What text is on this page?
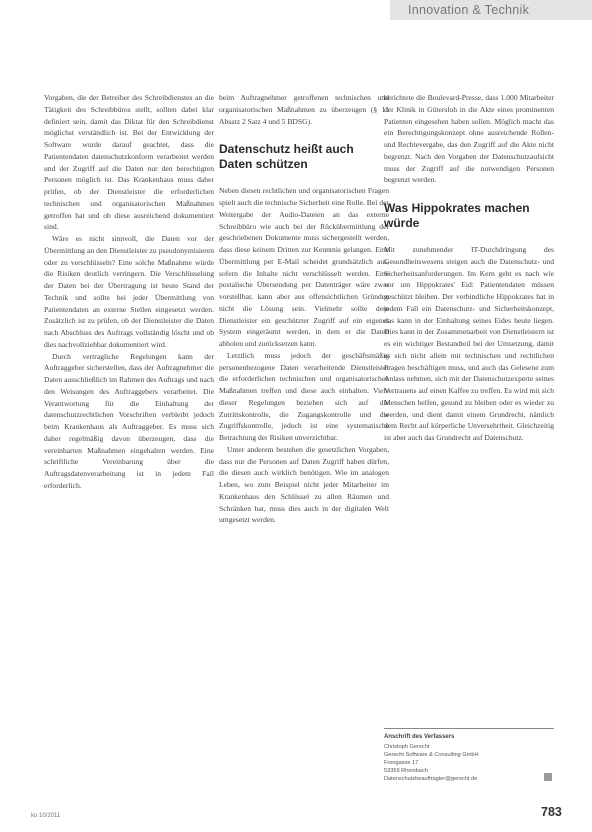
Innovation & Technik

Vorgaben, die der Betreiber des Schreibdienstes an die Tätigkeit des Schreibbüros stellt, sollten dabei klar definiert sein, damit das Diktat für den Schreibdienst möglichst verständlich ist. Bei der Entwicklung der Software wurde darauf geachtet, dass die Patientendaten datenschutzkonform verarbeitet werden und der Zugriff auf die Daten nur den berechtigten Personen möglich ist. Das Krankenhaus muss daher prüfen, ob der Dienstleister die erforderlichen technischen und organisatorischen Maßnahmen getroffen hat und ob diese ausreichend dokumentiert sind.

Wäre es nicht sinnvoll, die Daten vor der Übermittlung an den Dienstleister zu pseudonymisieren oder zu verschlüsseln? Eine solche Maßnahme würde die Risiken deutlich verringern. Die Verschlüsselung der Daten bei der Übertragung ist heute Stand der Technik und sollte bei jeder Übermittlung von Patientendaten an externe Stellen eingesetzt werden. Zusätzlich ist zu prüfen, ob der Dienstleister die Daten nach Abschluss des Auftrags vollständig löscht und ob dies nachvollziehbar dokumentiert wird.

Durch vertragliche Regelungen kann der Auftraggeber sicherstellen, dass der Auftragnehmer die Daten ausschließlich im Rahmen des Auftrags und nach den Weisungen des Auftraggebers verarbeitet. Die Verantwortung für die Einhaltung der datenschutzrechtlichen Vorschriften verbleibt jedoch beim Krankenhaus als Auftraggeber. Es muss sich daher regelmäßig davon überzeugen, dass die vereinbarten Maßnahmen eingehalten werden. Eine schriftliche Vereinbarung über die Auftragsdatenverarbeitung ist in jedem Fall erforderlich.

beim Auftragnehmer getroffenen technischen und organisatorischen Maßnahmen zu überzeugen (§ 11 Absatz 2 Satz 4 und 5 BDSG).

Datenschutz heißt auch Daten schützen

Neben diesen rechtlichen und organisatorischen Fragen spielt auch die technische Sicherheit eine Rolle. Bei der Weitergabe der Audio-Dateien an das externe Schreibbüro wie auch bei der Rückübermittlung der geschriebenen Dokumente muss sichergestellt werden, dass diese keinem Dritten zur Kenntnis gelangen. Eine Übermittlung per E-Mail scheidet grundsätzlich aus, sofern die Inhalte nicht verschlüsselt werden. Eine postalische Übersendung per Datenträger wäre zwar vorstellbar, kann aber aus offensichtlichen Gründen nicht die Lösung sein. Vielmehr sollte dem Dienstleister ein geschützter Zugriff auf ein eigenes System eingeräumt werden, in dem er die Daten abholen und zurücksetzen kann.

Letztlich muss jedoch der geschäftsmäßig personenbezogene Daten verarbeitende Dienstleister die erforderlichen technischen und organisatorischen Maßnahmen treffen und diese auch einhalten. Viele dieser Regelungen beziehen sich auf die Zutrittskontrolle, die Zugangskontrolle und die Zugriffskontrolle, jedoch ist eine systematische Betrachtung der Risiken unverzichtbar.

Unter anderem bestehen die gesetzlichen Vorgaben, dass nur die Personen auf Daten Zugriff haben dürfen, die diesen auch wirklich benötigen. Wie im analogen Leben, wo zum Beispiel nicht jeder Mitarbeiter im Krankenhaus den Schlüssel zu allen Räumen und Schränken hat, muss dies auch in der digitalen Welt umgesetzt werden.

berichtete die Boulevard-Presse, dass 1.000 Mitarbeiter der Klinik in Gütersloh in die Akte eines prominenten Patienten eingesehen haben sollen. Möglich macht das ein Berechtigungskonzept ohne ausreichende Rollen- und Rechtevergabe, das den Zugriff auf die Akte nicht begrenzt. Nach den Vorgaben der Datenschutzaufsicht muss der Zugriff auf die notwendigen Personen begrenzt werden.

Was Hippokrates machen würde

Mit zunehmender IT-Durchdringung des Gesundheitswesens steigen auch die Datenschutz- und Sicherheitsanforderungen. Im Kern geht es nach wie vor um Hippokrates' Eid: Patientendaten müssen geschützt bleiben. Der verbindliche Hippokrates hat in jedem Fall ein Datenschutz- und Sicherheitskonzept, das kann in der Einhaltung seines Eides heute liegen. Dies kann in der Zusammenarbeit von Dienstleistern ist es ein wichtiger Bestandteil bei der Umsetzung, damit es sich nicht allein mit technischen und rechtlichen Fragen beschäftigen muss, und auch das Gelesene zum Anlass nehmen, sich mit der Datenschutzexperte seines Vertrauens auf einen Kaffee zu treffen. Es wird mit sich Menschen helfen, gesund zu bleiben oder es wieder zu werden, und dient damit einem Grundrecht, nämlich dem Recht auf körperliche Unversehrtheit. Gleichzeitig ist aber auch das Grundrecht auf Datenschutz.

Anschrift des Verfassers
Christoph Gerecht
Gerecht Software & Consulting GmbH
Frongasse 17
53359 Rheinbach
Datenschutzbeauftragter@gerecht.de
ku 10/2011	783
